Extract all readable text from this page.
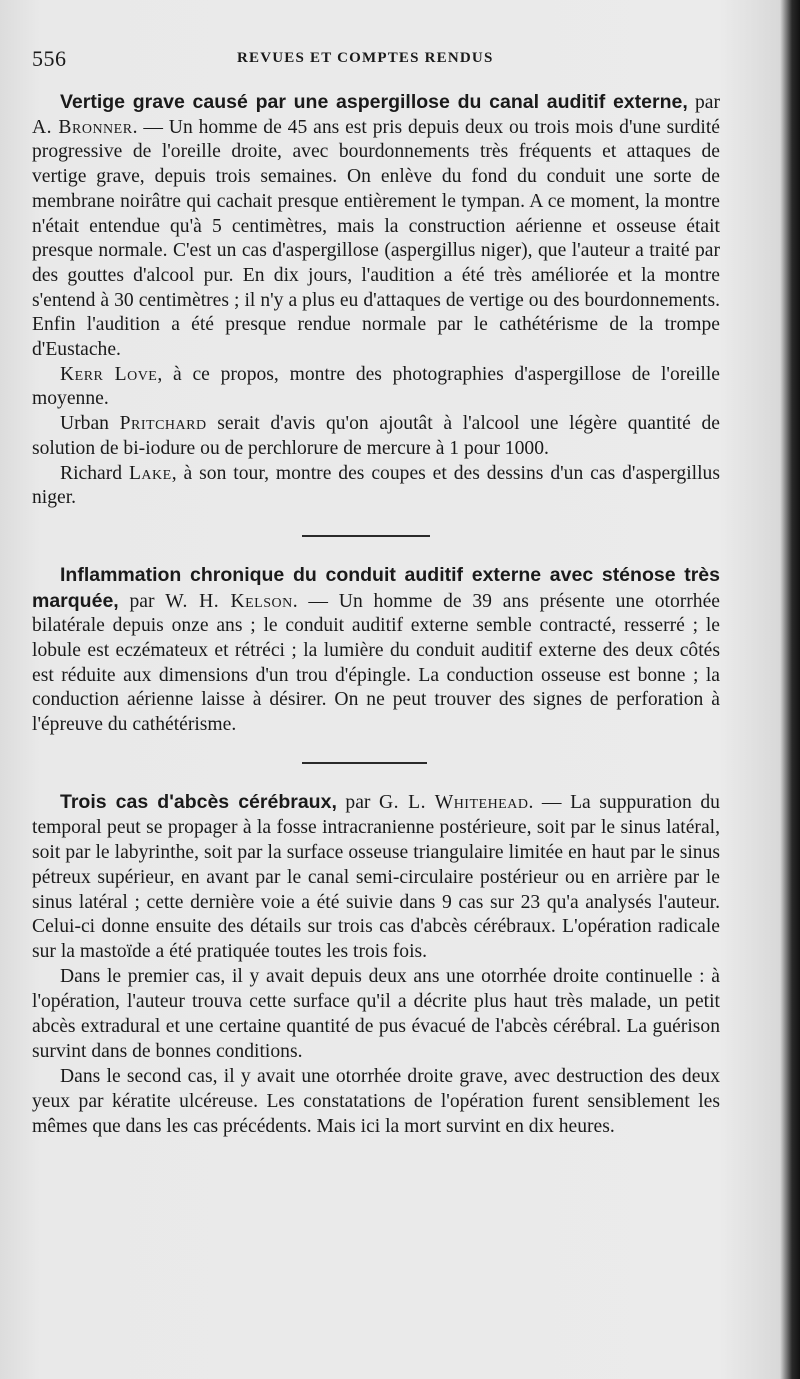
556	REVUES ET COMPTES RENDUS

Vertige grave causé par une aspergillose du canal auditif externe, par A. Bronner. — Un homme de 45 ans est pris depuis deux ou trois mois d'une surdité progressive de l'oreille droite, avec bourdonnements très fréquents et attaques de vertige grave, depuis trois semaines. On enlève du fond du conduit une sorte de membrane noirâtre qui cachait presque entièrement le tympan. A ce moment, la montre n'était entendue qu'à 5 centimètres, mais la construction aérienne et osseuse était presque normale. C'est un cas d'aspergillose (aspergillus niger), que l'auteur a traité par des gouttes d'alcool pur. En dix jours, l'audition a été très améliorée et la montre s'entend à 30 centimètres ; il n'y a plus eu d'attaques de vertige ou des bourdonnements. Enfin l'audition a été presque rendue normale par le cathétérisme de la trompe d'Eustache.

Kerr Love, à ce propos, montre des photographies d'aspergillose de l'oreille moyenne.

Urban Pritchard serait d'avis qu'on ajoutât à l'alcool une légère quantité de solution de bi-iodure ou de perchlorure de mercure à 1 pour 1000.

Richard Lake, à son tour, montre des coupes et des dessins d'un cas d'aspergillus niger.

Inflammation chronique du conduit auditif externe avec sténose très marquée, par W. H. Kelson. — Un homme de 39 ans présente une otorrhée bilatérale depuis onze ans ; le conduit auditif externe semble contracté, resserré ; le lobule est eczémateux et rétréci ; la lumière du conduit auditif externe des deux côtés est réduite aux dimensions d'un trou d'épingle. La conduction osseuse est bonne ; la conduction aérienne laisse à désirer. On ne peut trouver des signes de perforation à l'épreuve du cathétérisme.

Trois cas d'abcès cérébraux, par G. L. Whitehead. — La suppuration du temporal peut se propager à la fosse intracranienne postérieure, soit par le sinus latéral, soit par le labyrinthe, soit par la surface osseuse triangulaire limitée en haut par le sinus pétreux supérieur, en avant par le canal semi-circulaire postérieur ou en arrière par le sinus latéral ; cette dernière voie a été suivie dans 9 cas sur 23 qu'a analysés l'auteur. Celui-ci donne ensuite des détails sur trois cas d'abcès cérébraux. L'opération radicale sur la mastoïde a été pratiquée toutes les trois fois.

Dans le premier cas, il y avait depuis deux ans une otorrhée droite continuelle : à l'opération, l'auteur trouva cette surface qu'il a décrite plus haut très malade, un petit abcès extradural et une certaine quantité de pus évacué de l'abcès cérébral. La guérison survint dans de bonnes conditions.

Dans le second cas, il y avait une otorrhée droite grave, avec destruction des deux yeux par kératite ulcéreuse. Les constatations de l'opération furent sensiblement les mêmes que dans les cas précédents. Mais ici la mort survint en dix heures.
